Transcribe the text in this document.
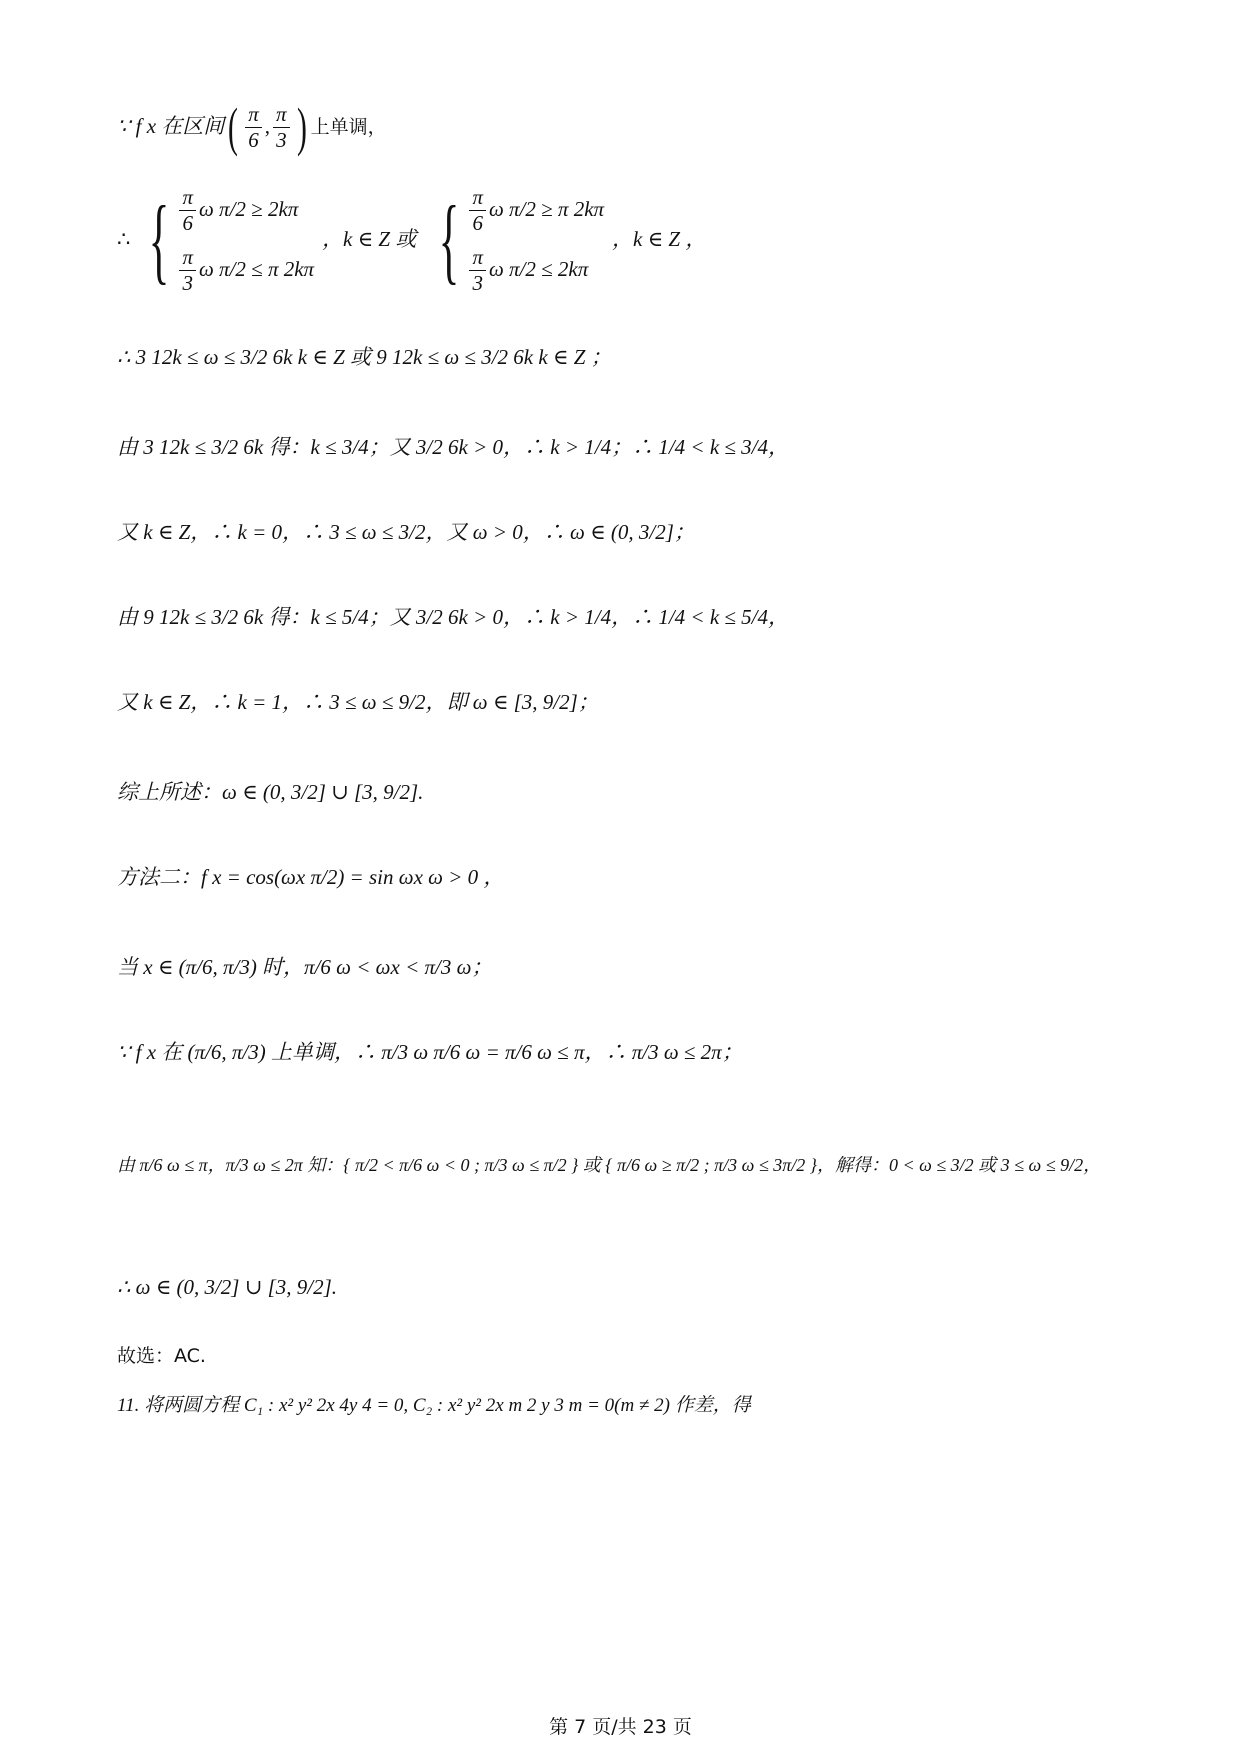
∵ f x 在区间 ( $\frac{\pi}{6}$ , $\frac{\pi}{3}$ ) 上单调，
∴ { $\frac{\pi}{6}$ ω π/2 ≥ 2kπ
$\frac{\pi}{3}$ ω π/2 ≤ π 2kπ
，k ∈ Z 或 { $\frac{\pi}{6}$ ω π/2 ≥ π 2kπ
$\frac{\pi}{3}$ ω π/2 ≤ 2kπ
，k ∈ Z ，
∴ 3 12k ≤ ω ≤ 3/2 6k k ∈ Z 或 9 12k ≤ ω ≤ 3/2 6k k ∈ Z ；
由 3 12k ≤ 3/2 6k 得：k ≤ 3/4；又 3/2 6k > 0，∴ k > 1/4；∴ 1/4 < k ≤ 3/4，
又 k ∈ Z，∴ k = 0，∴ 3 ≤ ω ≤ 3/2，又 ω > 0，∴ ω ∈ (0, 3/2]；
由 9 12k ≤ 3/2 6k 得：k ≤ 5/4；又 3/2 6k > 0，∴ k > 1/4，∴ 1/4 < k ≤ 5/4，
又 k ∈ Z，∴ k = 1，∴ 3 ≤ ω ≤ 9/2，即 ω ∈ [3, 9/2]；
综上所述：ω ∈ (0, 3/2] ∪ [3, 9/2].
方法二：f x = cos(ωx π/2) = sin ωx ω > 0 ，
当 x ∈ (π/6, π/3) 时，π/6 ω < ωx < π/3 ω；
∵ f x 在 (π/6, π/3) 上单调，∴ π/3 ω π/6 ω = π/6 ω ≤ π，∴ π/3 ω ≤ 2π；
由 π/6 ω ≤ π，π/3 ω ≤ 2π 知：{ π/2 < π/6 ω < 0 ; π/3 ω ≤ π/2 } 或 { π/6 ω ≥ π/2 ; π/3 ω ≤ 3π/2 }，解得：0 < ω ≤ 3/2 或 3 ≤ ω ≤ 9/2，
∴ ω ∈ (0, 3/2] ∪ [3, 9/2].
故选：AC.
11. 将两圆方程 C₁ : x² y² 2x 4y 4 = 0, C₂ : x² y² 2x m 2 y 3 m = 0(m ≠ 2) 作差，得
第 7 页/共 23 页
